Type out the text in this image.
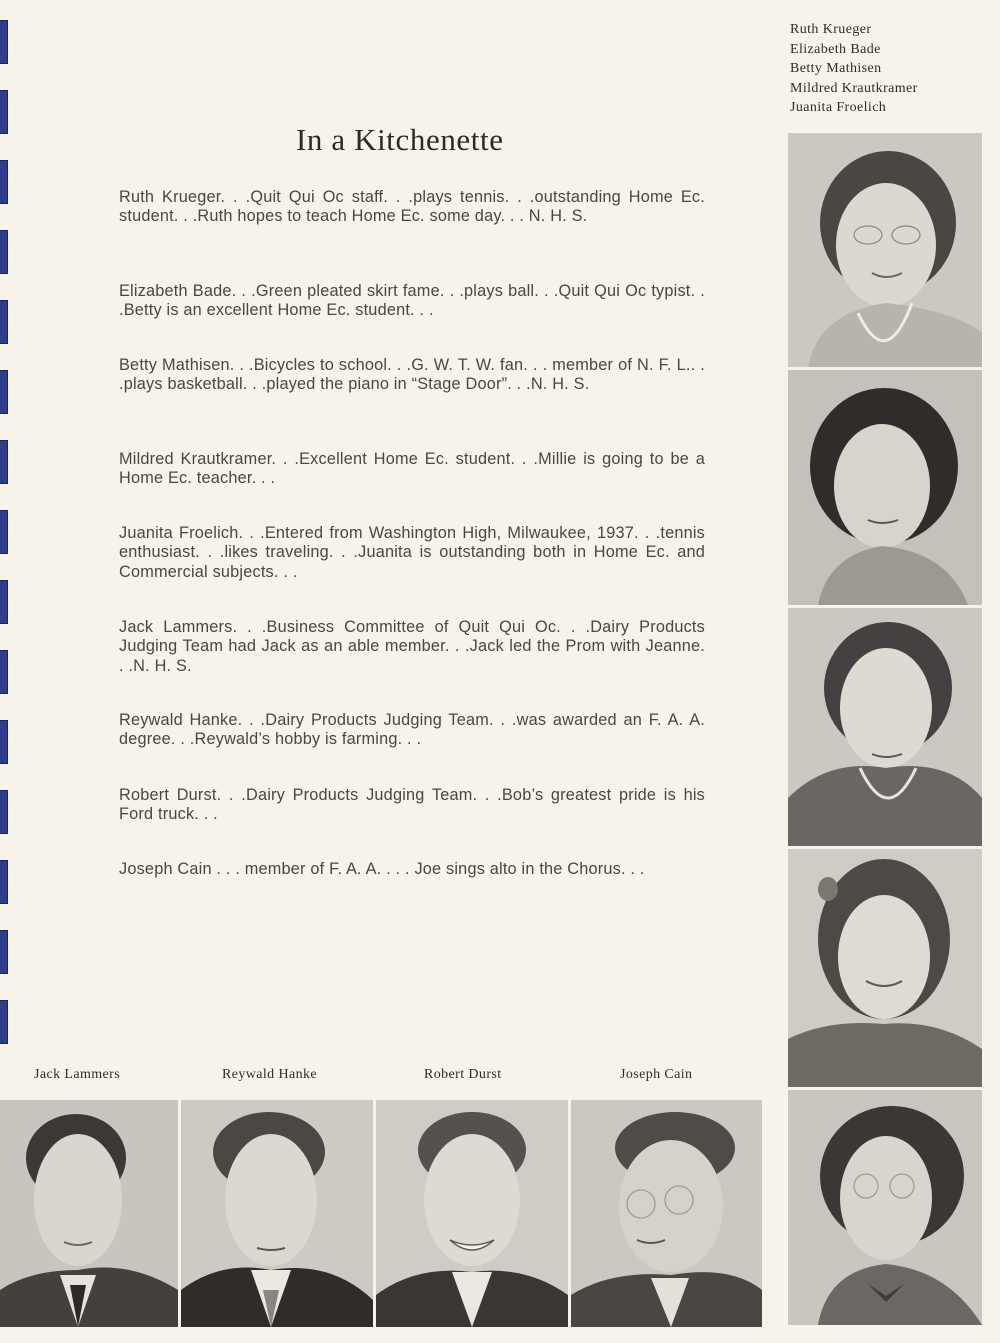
Ruth Krueger
Elizabeth Bade
Betty Mathisen
Mildred Krautkramer
Juanita Froelich
In a Kitchenette

Ruth Krueger. . .Quit Qui Oc staff. . .plays tennis. . .outstanding Home Ec. student. . .Ruth hopes to teach Home Ec. some day. . . N. H. S.

Elizabeth Bade. . .Green pleated skirt fame. . .plays ball. . .Quit Qui Oc typist. . .Betty is an excellent Home Ec. student. . .

Betty Mathisen. . .Bicycles to school. . .G. W. T. W. fan. . . member of N. F. L.. . .plays basketball. . .played the piano in “Stage Door”. . .N. H. S.

Mildred Krautkramer. . .Excellent Home Ec. student. . .Millie is going to be a Home Ec. teacher. . .

Juanita Froelich. . .Entered from Washington High, Milwaukee, 1937. . .tennis enthusiast. . .likes traveling. . .Juanita is outstanding both in Home Ec. and Commercial subjects. . .

Jack Lammers. . .Business Committee of Quit Qui Oc. . .Dairy Products Judging Team had Jack as an able member. . .Jack led the Prom with Jeanne. . .N. H. S.

Reywald Hanke. . .Dairy Products Judging Team. . .was awarded an F. A. A. degree. . .Reywald’s hobby is farming. . .

Robert Durst. . .Dairy Products Judging Team. . .Bob’s greatest pride is his Ford truck. . .

Joseph Cain . . . member of F. A. A. . . . Joe sings alto in the Chorus. . .

Jack Lammers	Reywald Hanke	Robert Durst	Joseph Cain
